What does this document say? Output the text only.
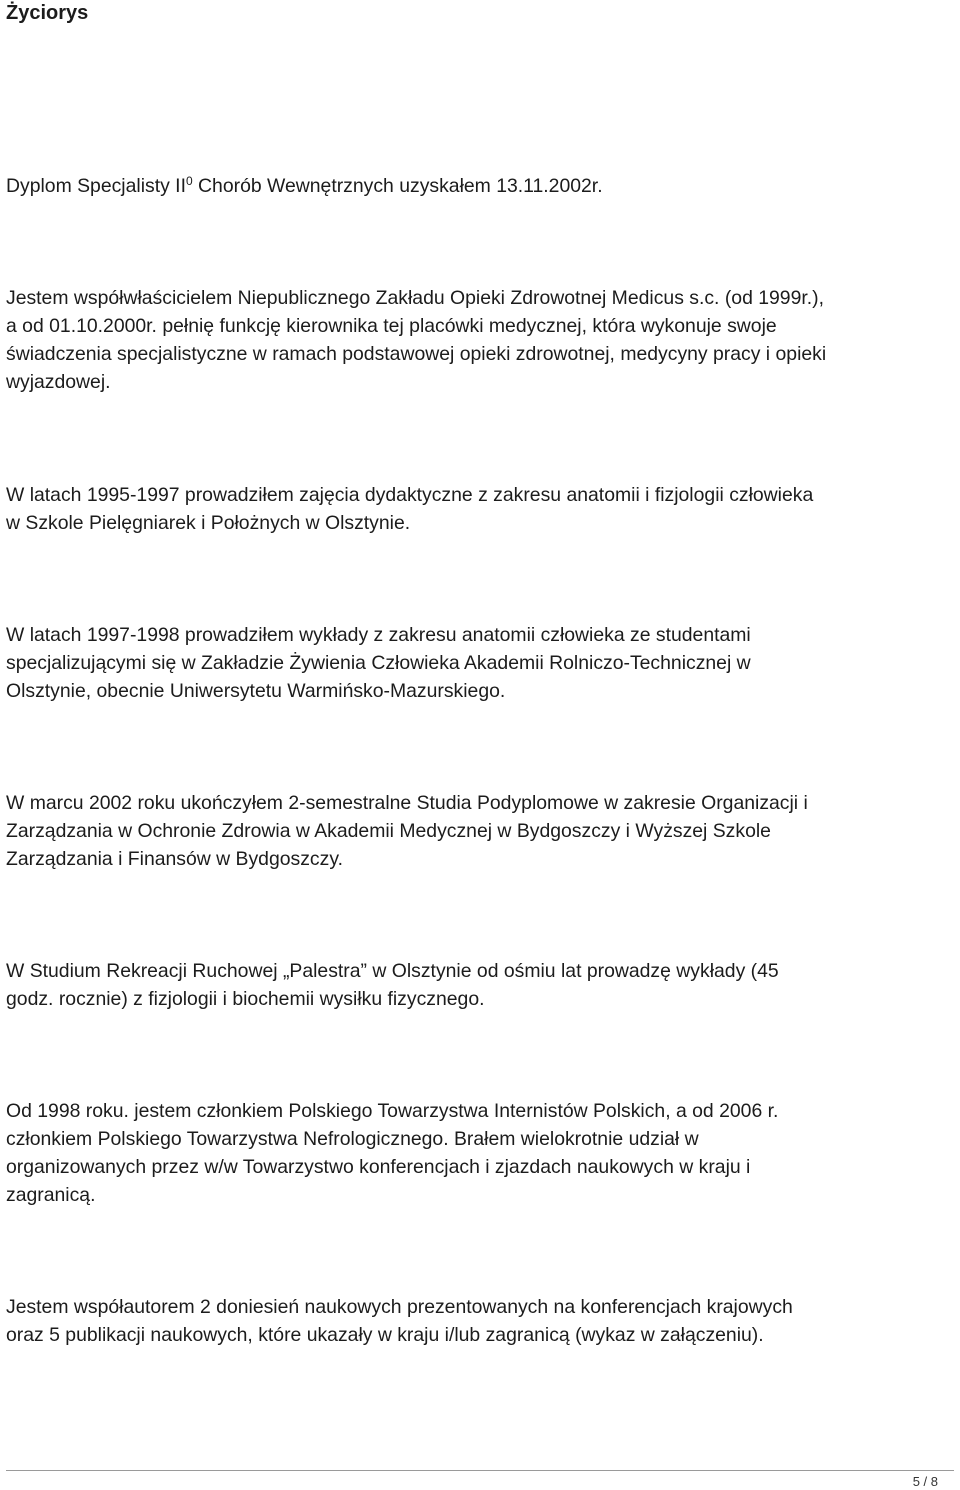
Życiorys
Dyplom Specjalisty $II^0$ Chorób Wewnętrznych uzyskałem 13.11.2002r.
Jestem współwłaścicielem Niepublicznego Zakładu Opieki Zdrowotnej Medicus s.c. (od 1999r.),
a od 01.10.2000r. pełnię funkcję kierownika tej placówki medycznej, która wykonuje swoje
świadczenia specjalistyczne w ramach podstawowej opieki zdrowotnej, medycyny pracy i opieki
wyjazdowej.
W latach 1995-1997 prowadziłem zajęcia dydaktyczne z zakresu anatomii i fizjologii człowieka
w Szkole Pielęgniarek i Położnych w Olsztynie.
W latach 1997-1998 prowadziłem wykłady z zakresu anatomii człowieka ze studentami
specjalizującymi się w Zakładzie Żywienia Człowieka Akademii Rolniczo-Technicznej w
Olsztynie, obecnie Uniwersytetu Warmińsko-Mazurskiego.
W marcu 2002 roku ukończyłem 2-semestralne Studia Podyplomowe w zakresie Organizacji i
Zarządzania w Ochronie Zdrowia w Akademii Medycznej w Bydgoszczy i Wyższej Szkole
Zarządzania i Finansów w Bydgoszczy.
W Studium Rekreacji Ruchowej „Palestra” w Olsztynie od ośmiu lat prowadzę wykłady (45
godz. rocznie) z fizjologii i biochemii wysiłku fizycznego.
Od 1998 roku. jestem członkiem Polskiego Towarzystwa Internistów Polskich, a od 2006 r.
członkiem Polskiego Towarzystwa Nefrologicznego. Brałem wielokrotnie udział w
organizowanych przez w/w Towarzystwo konferencjach i zjazdach naukowych w kraju i
zagranicą.
Jestem współautorem 2 doniesień naukowych prezentowanych na konferencjach krajowych
oraz 5 publikacji naukowych, które ukazały w kraju i/lub zagranicą (wykaz w załączeniu).
5 / 8
